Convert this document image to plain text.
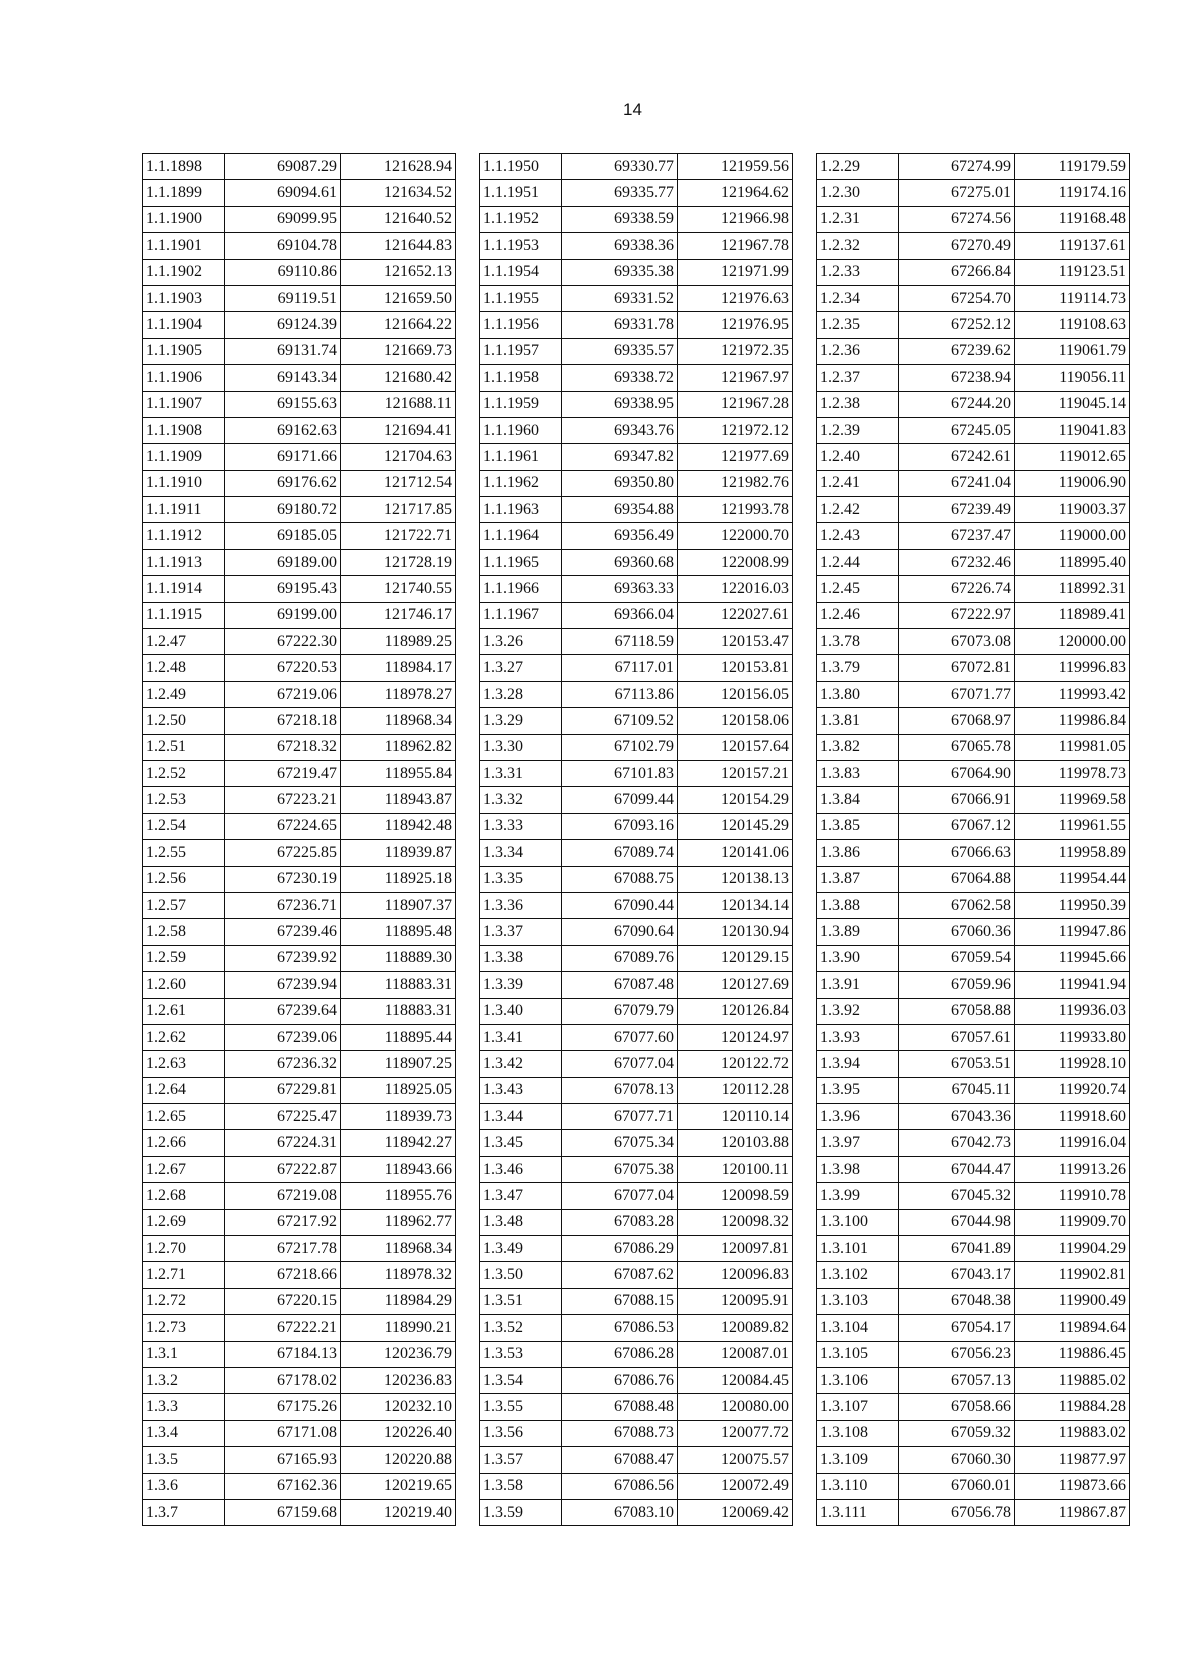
14
1.1.1898	69087.29	121628.94
1.1.1899	69094.61	121634.52
1.1.1900	69099.95	121640.52
1.1.1901	69104.78	121644.83
1.1.1902	69110.86	121652.13
1.1.1903	69119.51	121659.50
1.1.1904	69124.39	121664.22
1.1.1905	69131.74	121669.73
1.1.1906	69143.34	121680.42
1.1.1907	69155.63	121688.11
1.1.1908	69162.63	121694.41
1.1.1909	69171.66	121704.63
1.1.1910	69176.62	121712.54
1.1.1911	69180.72	121717.85
1.1.1912	69185.05	121722.71
1.1.1913	69189.00	121728.19
1.1.1914	69195.43	121740.55
1.1.1915	69199.00	121746.17
1.2.47	67222.30	118989.25
1.2.48	67220.53	118984.17
1.2.49	67219.06	118978.27
1.2.50	67218.18	118968.34
1.2.51	67218.32	118962.82
1.2.52	67219.47	118955.84
1.2.53	67223.21	118943.87
1.2.54	67224.65	118942.48
1.2.55	67225.85	118939.87
1.2.56	67230.19	118925.18
1.2.57	67236.71	118907.37
1.2.58	67239.46	118895.48
1.2.59	67239.92	118889.30
1.2.60	67239.94	118883.31
1.2.61	67239.64	118883.31
1.2.62	67239.06	118895.44
1.2.63	67236.32	118907.25
1.2.64	67229.81	118925.05
1.2.65	67225.47	118939.73
1.2.66	67224.31	118942.27
1.2.67	67222.87	118943.66
1.2.68	67219.08	118955.76
1.2.69	67217.92	118962.77
1.2.70	67217.78	118968.34
1.2.71	67218.66	118978.32
1.2.72	67220.15	118984.29
1.2.73	67222.21	118990.21
1.3.1	67184.13	120236.79
1.3.2	67178.02	120236.83
1.3.3	67175.26	120232.10
1.3.4	67171.08	120226.40
1.3.5	67165.93	120220.88
1.3.6	67162.36	120219.65
1.3.7	67159.68	120219.40
1.1.1950	69330.77	121959.56
1.1.1951	69335.77	121964.62
1.1.1952	69338.59	121966.98
1.1.1953	69338.36	121967.78
1.1.1954	69335.38	121971.99
1.1.1955	69331.52	121976.63
1.1.1956	69331.78	121976.95
1.1.1957	69335.57	121972.35
1.1.1958	69338.72	121967.97
1.1.1959	69338.95	121967.28
1.1.1960	69343.76	121972.12
1.1.1961	69347.82	121977.69
1.1.1962	69350.80	121982.76
1.1.1963	69354.88	121993.78
1.1.1964	69356.49	122000.70
1.1.1965	69360.68	122008.99
1.1.1966	69363.33	122016.03
1.1.1967	69366.04	122027.61
1.3.26	67118.59	120153.47
1.3.27	67117.01	120153.81
1.3.28	67113.86	120156.05
1.3.29	67109.52	120158.06
1.3.30	67102.79	120157.64
1.3.31	67101.83	120157.21
1.3.32	67099.44	120154.29
1.3.33	67093.16	120145.29
1.3.34	67089.74	120141.06
1.3.35	67088.75	120138.13
1.3.36	67090.44	120134.14
1.3.37	67090.64	120130.94
1.3.38	67089.76	120129.15
1.3.39	67087.48	120127.69
1.3.40	67079.79	120126.84
1.3.41	67077.60	120124.97
1.3.42	67077.04	120122.72
1.3.43	67078.13	120112.28
1.3.44	67077.71	120110.14
1.3.45	67075.34	120103.88
1.3.46	67075.38	120100.11
1.3.47	67077.04	120098.59
1.3.48	67083.28	120098.32
1.3.49	67086.29	120097.81
1.3.50	67087.62	120096.83
1.3.51	67088.15	120095.91
1.3.52	67086.53	120089.82
1.3.53	67086.28	120087.01
1.3.54	67086.76	120084.45
1.3.55	67088.48	120080.00
1.3.56	67088.73	120077.72
1.3.57	67088.47	120075.57
1.3.58	67086.56	120072.49
1.3.59	67083.10	120069.42
1.2.29	67274.99	119179.59
1.2.30	67275.01	119174.16
1.2.31	67274.56	119168.48
1.2.32	67270.49	119137.61
1.2.33	67266.84	119123.51
1.2.34	67254.70	119114.73
1.2.35	67252.12	119108.63
1.2.36	67239.62	119061.79
1.2.37	67238.94	119056.11
1.2.38	67244.20	119045.14
1.2.39	67245.05	119041.83
1.2.40	67242.61	119012.65
1.2.41	67241.04	119006.90
1.2.42	67239.49	119003.37
1.2.43	67237.47	119000.00
1.2.44	67232.46	118995.40
1.2.45	67226.74	118992.31
1.2.46	67222.97	118989.41
1.3.78	67073.08	120000.00
1.3.79	67072.81	119996.83
1.3.80	67071.77	119993.42
1.3.81	67068.97	119986.84
1.3.82	67065.78	119981.05
1.3.83	67064.90	119978.73
1.3.84	67066.91	119969.58
1.3.85	67067.12	119961.55
1.3.86	67066.63	119958.89
1.3.87	67064.88	119954.44
1.3.88	67062.58	119950.39
1.3.89	67060.36	119947.86
1.3.90	67059.54	119945.66
1.3.91	67059.96	119941.94
1.3.92	67058.88	119936.03
1.3.93	67057.61	119933.80
1.3.94	67053.51	119928.10
1.3.95	67045.11	119920.74
1.3.96	67043.36	119918.60
1.3.97	67042.73	119916.04
1.3.98	67044.47	119913.26
1.3.99	67045.32	119910.78
1.3.100	67044.98	119909.70
1.3.101	67041.89	119904.29
1.3.102	67043.17	119902.81
1.3.103	67048.38	119900.49
1.3.104	67054.17	119894.64
1.3.105	67056.23	119886.45
1.3.106	67057.13	119885.02
1.3.107	67058.66	119884.28
1.3.108	67059.32	119883.02
1.3.109	67060.30	119877.97
1.3.110	67060.01	119873.66
1.3.111	67056.78	119867.87
